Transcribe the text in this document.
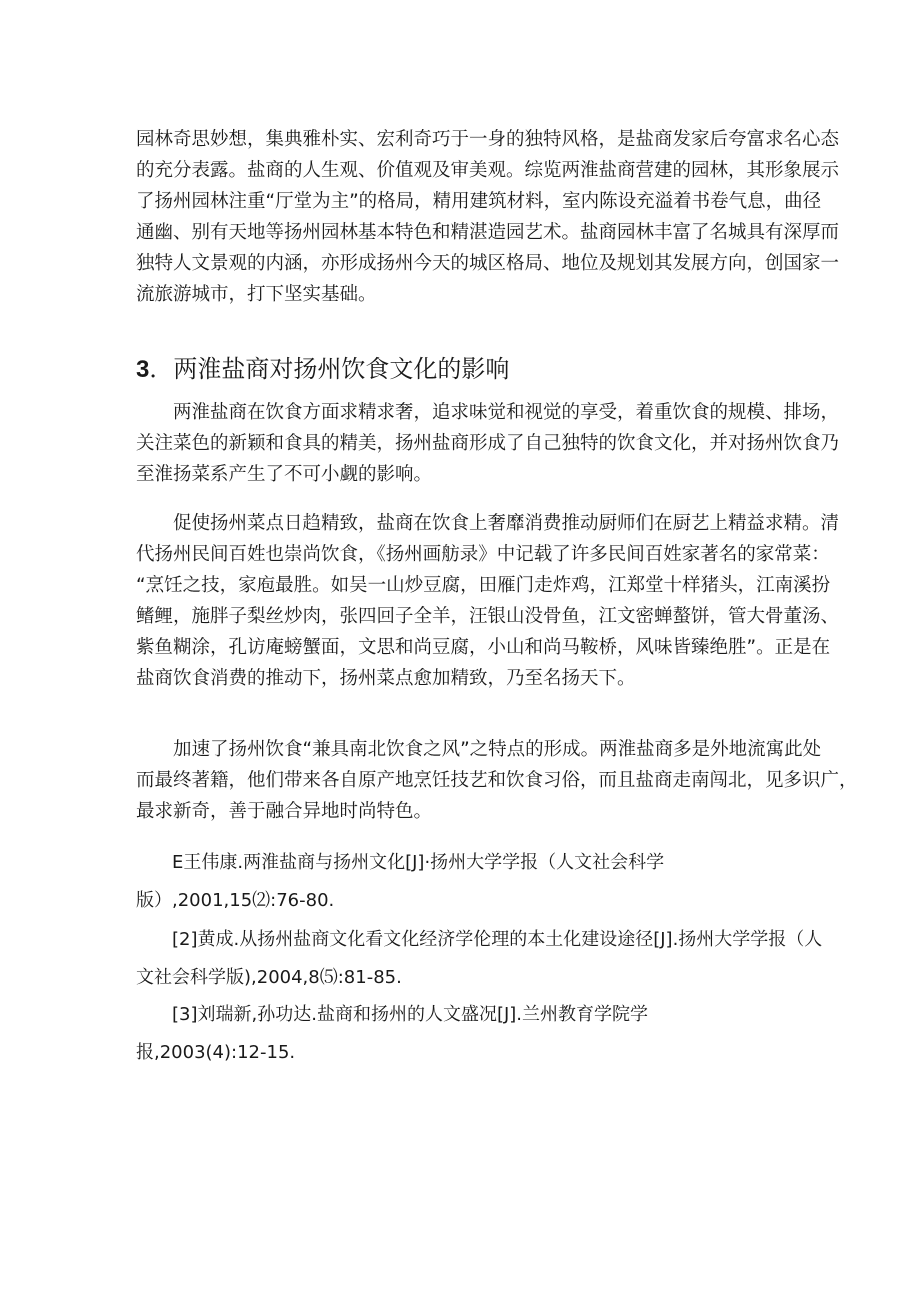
园林奇思妙想，集典雅朴实、宏利奇巧于一身的独特风格，是盐商发家后夸富求名心态
的充分表露。盐商的人生观、价值观及审美观。综览两淮盐商营建的园林，其形象展示
了扬州园林注重“厅堂为主”的格局，精用建筑材料，室内陈设充溢着书卷气息，曲径
通幽、别有天地等扬州园林基本特色和精湛造园艺术。盐商园林丰富了名城具有深厚而
独特人文景观的内涵，亦形成扬州今天的城区格局、地位及规划其发展方向，创国家一
流旅游城市，打下坚实基础。
3．两淮盐商对扬州饮食文化的影响
两淮盐商在饮食方面求精求奢，追求味觉和视觉的享受，着重饮食的规模、排场，
关注菜色的新颖和食具的精美，扬州盐商形成了自己独特的饮食文化，并对扬州饮食乃
至淮扬菜系产生了不可小觑的影响。
促使扬州菜点日趋精致，盐商在饮食上奢靡消费推动厨师们在厨艺上精益求精。清
代扬州民间百姓也崇尚饮食，《扬州画舫录》中记载了许多民间百姓家著名的家常菜：
“烹饪之技，家庖最胜。如吴一山炒豆腐，田雁门走炸鸡，江郑堂十样猪头，江南溪扮
鳍鲤，施胖子梨丝炒肉，张四回子全羊，汪银山没骨鱼，江文密蝉螯饼，管大骨董汤、
紫鱼糊涂，孔访庵螃蟹面，文思和尚豆腐，小山和尚马鞍桥，风味皆臻绝胜”。正是在
盐商饮食消费的推动下，扬州菜点愈加精致，乃至名扬天下。
加速了扬州饮食“兼具南北饮食之风”之特点的形成。两淮盐商多是外地流寓此处
而最终著籍，他们带来各自原产地烹饪技艺和饮食习俗，而且盐商走南闯北，见多识广，
最求新奇，善于融合异地时尚特色。
E王伟康.两淮盐商与扬州文化[J]·扬州大学学报（人文社会科学
版）,2001,15⑵:76-80.
[2]黄成.从扬州盐商文化看文化经济学伦理的本土化建设途径[J].扬州大学学报（人
文社会科学版),2004,8⑸:81-85.
[3]刘瑞新,孙功达.盐商和扬州的人文盛况[J].兰州教育学院学
报,2003(4):12-15.
